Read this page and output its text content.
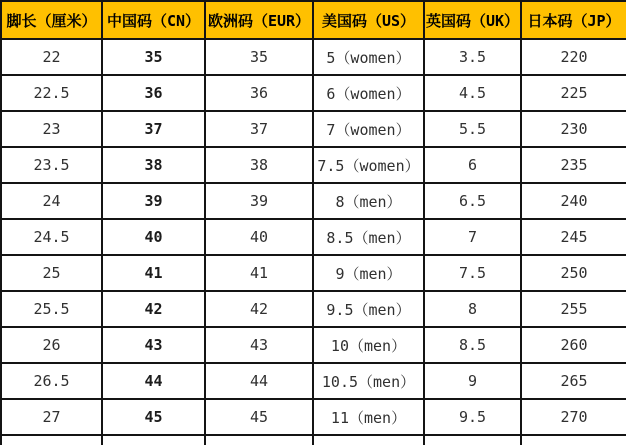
脚长（厘米）	中国码（CN）	欧洲码（EUR）	美国码（US）	英国码（UK）	日本码（JP）
22	35	35	5（women）	3.5	220
22.5	36	36	6（women）	4.5	225
23	37	37	7（women）	5.5	230
23.5	38	38	7.5（women）	6	235
24	39	39	8（men）	6.5	240
24.5	40	40	8.5（men）	7	245
25	41	41	9（men）	7.5	250
25.5	42	42	9.5（men）	8	255
26	43	43	10（men）	8.5	260
26.5	44	44	10.5（men）	9	265
27	45	45	11（men）	9.5	270
